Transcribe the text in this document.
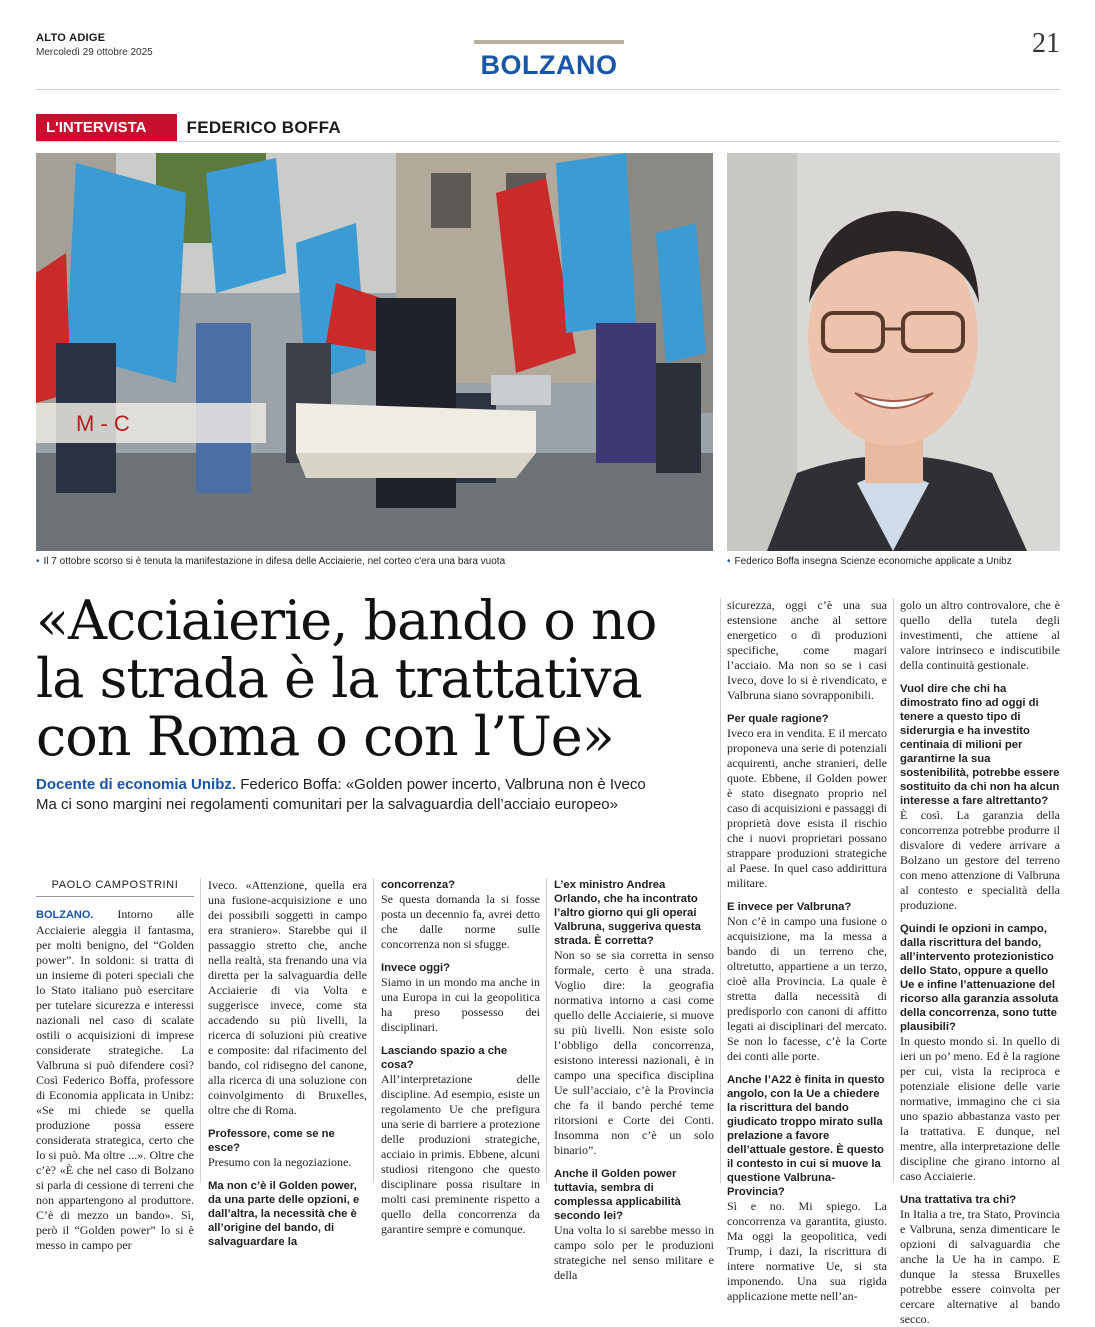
ALTO ADIGE
Mercoledì 29 ottobre 2025	BOLZANO
21
L'INTERVISTA	FEDERICO BOFFA
M - C
• Il 7 ottobre scorso si è tenuta la manifestazione in difesa delle Acciaierie, nel corteo c'era una bara vuota	• Federico Boffa insegna Scienze economiche applicate a Unibz
«Acciaierie, bando o no
la strada è la trattativa
con Roma o con l’Ue»
Docente di economia Unibz. Federico Boffa: «Golden power incerto, Valbruna non è Iveco
Ma ci sono margini nei regolamenti comunitari per la salvaguardia dell’acciaio europeo»
PAOLO CAMPOSTRINI

BOLZANO. Intorno alle Acciaierie aleggia il fantasma, per molti benigno, del “Golden power”. In soldoni: si tratta di un insieme di poteri speciali che lo Stato italiano può esercitare per tutelare sicurezza e interessi nazionali nel caso di scalate ostili o acquisizioni di imprese considerate strategiche. La Valbruna si può difendere così? Così Federico Boffa, professore di Economia applicata in Unibz: «Se mi chiede se quella produzione possa essere considerata strategica, certo che lo si può. Ma oltre ...». Oltre che c’è? «È che nel caso di Bolzano si parla di cessione di terreni che non appartengono al produttore. C’è di mezzo un bando». Sì, però il “Golden power” lo si è messo in campo per

Iveco. «Attenzione, quella era una fusione-acquisizione e uno dei possibili soggetti in campo era straniero». Starebbe qui il passaggio stretto che, anche nella realtà, sta frenando una via diretta per la salvaguardia delle Acciaierie di via Volta e suggerisce invece, come sta accadendo su più livelli, la ricerca di soluzioni più creative e composite: dal rifacimento del bando, col ridisegno del canone, alla ricerca di una soluzione con coinvolgimento di Bruxelles, oltre che di Roma.

Professore, come se ne esce?

Presumo con la negoziazione.

Ma non c’è il Golden power, da una parte delle opzioni, e dall’altra, la necessità che è all’origine del bando, di salvaguardare la

concorrenza?

Se questa domanda la si fosse posta un decennio fa, avrei detto che dalle norme sulle concorrenza non si sfugge.

Invece oggi?

Siamo in un mondo ma anche in una Europa in cui la geopolitica ha preso possesso dei disciplinari.

Lasciando spazio a che cosa?

All’interpretazione delle discipline. Ad esempio, esiste un regolamento Ue che prefigura una serie di barriere a protezione delle produzioni strategiche, acciaio in primis. Ebbene, alcuni studiosi ritengono che questo disciplinare possa risultare in molti casi preminente rispetto a quello della concorrenza da garantire sempre e comunque.

L’ex ministro Andrea Orlando, che ha incontrato l’altro giorno qui gli operai Valbruna, suggeriva questa strada. È corretta?

Non so se sia corretta in senso formale, certo è una strada. Voglio dire: la geografia normativa intorno a casi come quello delle Acciaierie, si muove su più livelli. Non esiste solo l’obbligo della concorrenza, esistono interessi nazionali, è in campo una specifica disciplina Ue sull’acciaio, c’è la Provincia che fa il bando perché teme ritorsioni e Corte dei Conti. Insomma non c’è un solo binario”.

Anche il Golden power tuttavia, sembra di complessa applicabilità secondo lei?

Una volta lo si sarebbe messo in campo solo per le produzioni strategiche nel senso militare e della

sicurezza, oggi c’è una sua estensione anche al settore energetico o di produzioni specifiche, come magari l’acciaio. Ma non so se i casi Iveco, dove lo si è rivendicato, e Valbruna siano sovrapponibili.

Per quale ragione?

Iveco era in vendita. E il mercato proponeva una serie di potenziali acquirenti, anche stranieri, delle quote. Ebbene, il Golden power è stato disegnato proprio nel caso di acquisizioni e passaggi di proprietà dove esista il rischio che i nuovi proprietari possano strappare produzioni strategiche al Paese. In quel caso addirittura militare.

E invece per Valbruna?

Non c’è in campo una fusione o acquisizione, ma la messa a bando di un terreno che, oltretutto, appartiene a un terzo, cioè alla Provincia. La quale è stretta dalla necessità di predisporlo con canoni di affitto legati ai disciplinari del mercato. Se non lo facesse, c’è la Corte dei conti alle porte.

Anche l’A22 è finita in questo angolo, con la Ue a chiedere la riscrittura del bando giudicato troppo mirato sulla prelazione a favore dell’attuale gestore. È questo il contesto in cui si muove la questione Valbruna-Provincia?

Sì e no. Mi spiego. La concorrenza va garantita, giusto. Ma oggi la geopolitica, vedi Trump, i dazi, la riscrittura di intere normative Ue, si sta imponendo. Una sua rigida applicazione mette nell’an-

golo un altro controvalore, che è quello della tutela degli investimenti, che attiene al valore intrinseco e indiscutibile della continuità gestionale.

Vuol dire che chi ha dimostrato fino ad oggi di tenere a questo tipo di siderurgia e ha investito centinaia di milioni per garantirne la sua sostenibilità, potrebbe essere sostituito da chi non ha alcun interesse a fare altrettanto?

È così. La garanzia della concorrenza potrebbe produrre il disvalore di vedere arrivare a Bolzano un gestore del terreno con meno attenzione di Valbruna al contesto e specialità della produzione.

Quindi le opzioni in campo, dalla riscrittura del bando, all’intervento protezionistico dello Stato, oppure a quello Ue e infine l’attenuazione del ricorso alla garanzia assoluta della concorrenza, sono tutte plausibili?

In questo mondo sì. In quello di ieri un po’ meno. Ed è la ragione per cui, vista la reciproca e potenziale elisione delle varie normative, immagino che ci sia uno spazio abbastanza vasto per la trattativa. E dunque, nel mentre, alla interpretazione delle discipline che girano intorno al caso Acciaierie.

Una trattativa tra chi?

In Italia a tre, tra Stato, Provincia e Valbruna, senza dimenticare le opzioni di salvaguardia che anche la Ue ha in campo. E dunque la stessa Bruxelles potrebbe essere coinvolta per cercare alternative al bando secco.
